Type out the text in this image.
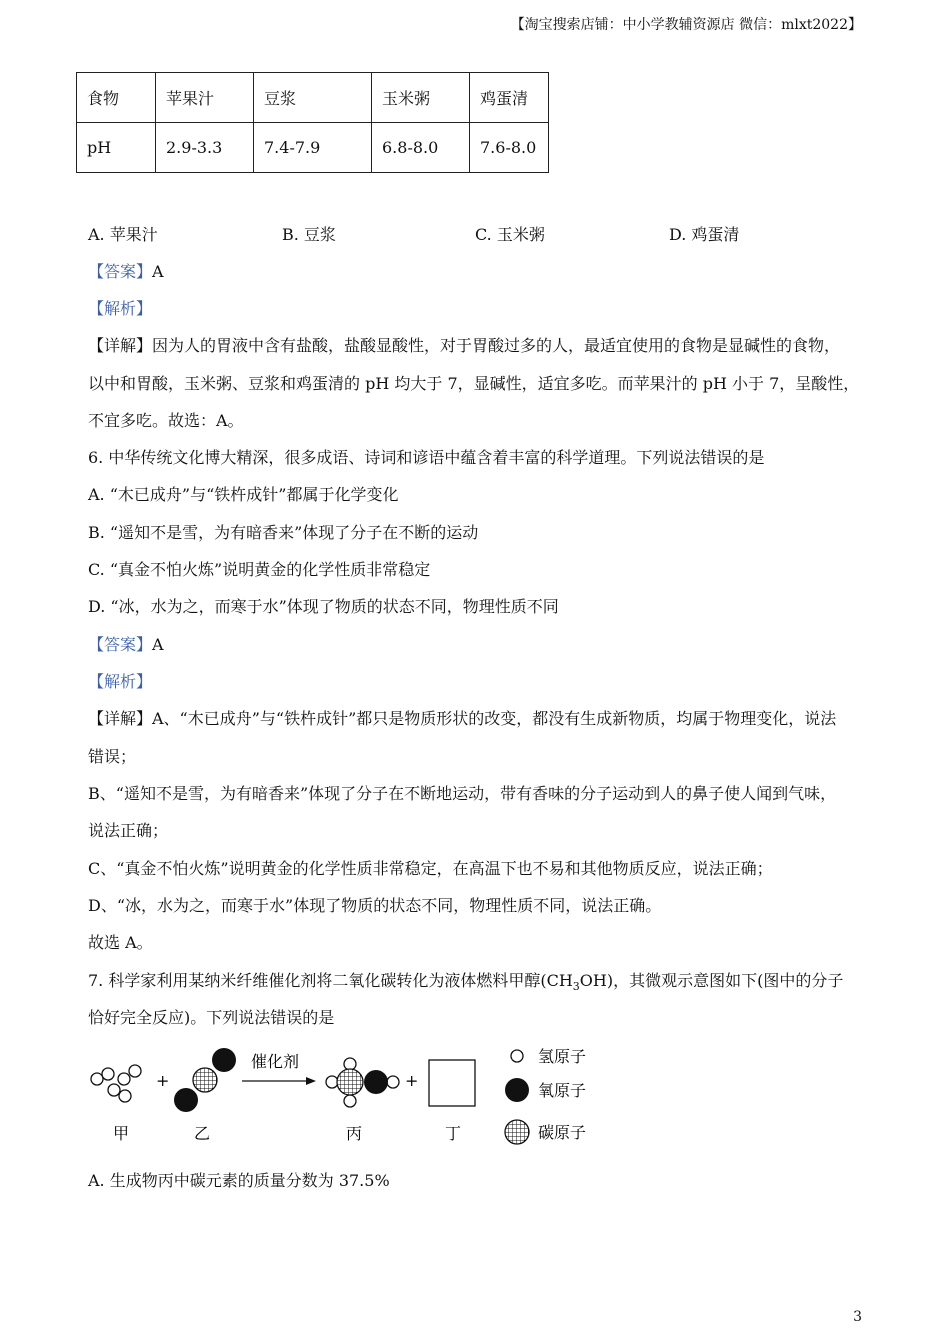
【淘宝搜索店铺：中小学教辅资源店 微信：mlxt2022】
食物	苹果汁	豆浆	玉米粥	鸡蛋清
pH	2.9-3.3	7.4-7.9	6.8-8.0	7.6-8.0
A. 苹果汁	B. 豆浆	C. 玉米粥	D. 鸡蛋清
【答案】A
【解析】
【详解】因为人的胃液中含有盐酸，盐酸显酸性，对于胃酸过多的人，最适宜使用的食物是显碱性的食物，
以中和胃酸，玉米粥、豆浆和鸡蛋清的 pH 均大于 7，显碱性，适宜多吃。而苹果汁的 pH 小于 7，呈酸性，
不宜多吃。故选：A。
6. 中华传统文化博大精深，很多成语、诗词和谚语中蕴含着丰富的科学道理。下列说法错误的是
A. “木已成舟”与“铁杵成针”都属于化学变化
B. “遥知不是雪，为有暗香来”体现了分子在不断的运动
C. “真金不怕火炼”说明黄金的化学性质非常稳定
D. “冰，水为之，而寒于水”体现了物质的状态不同，物理性质不同
【答案】A
【解析】
【详解】A、“木已成舟”与“铁杵成针”都只是物质形状的改变，都没有生成新物质，均属于物理变化，说法
错误；
B、“遥知不是雪，为有暗香来”体现了分子在不断地运动，带有香味的分子运动到人的鼻子使人闻到气味，
说法正确；
C、“真金不怕火炼”说明黄金的化学性质非常稳定，在高温下也不易和其他物质反应，说法正确；
D、“冰，水为之，而寒于水”体现了物质的状态不同，物理性质不同，说法正确。
故选 A。
7. 科学家利用某纳米纤维催化剂将二氧化碳转化为液体燃料甲醇$(CH_3OH)$，其微观示意图如下(图中的分子
恰好完全反应)。下列说法错误的是
+
催化剂
+
甲	乙	丙	丁
氢原子
氧原子
碳原子
A. 生成物丙中碳元素的质量分数为 37.5%
3
